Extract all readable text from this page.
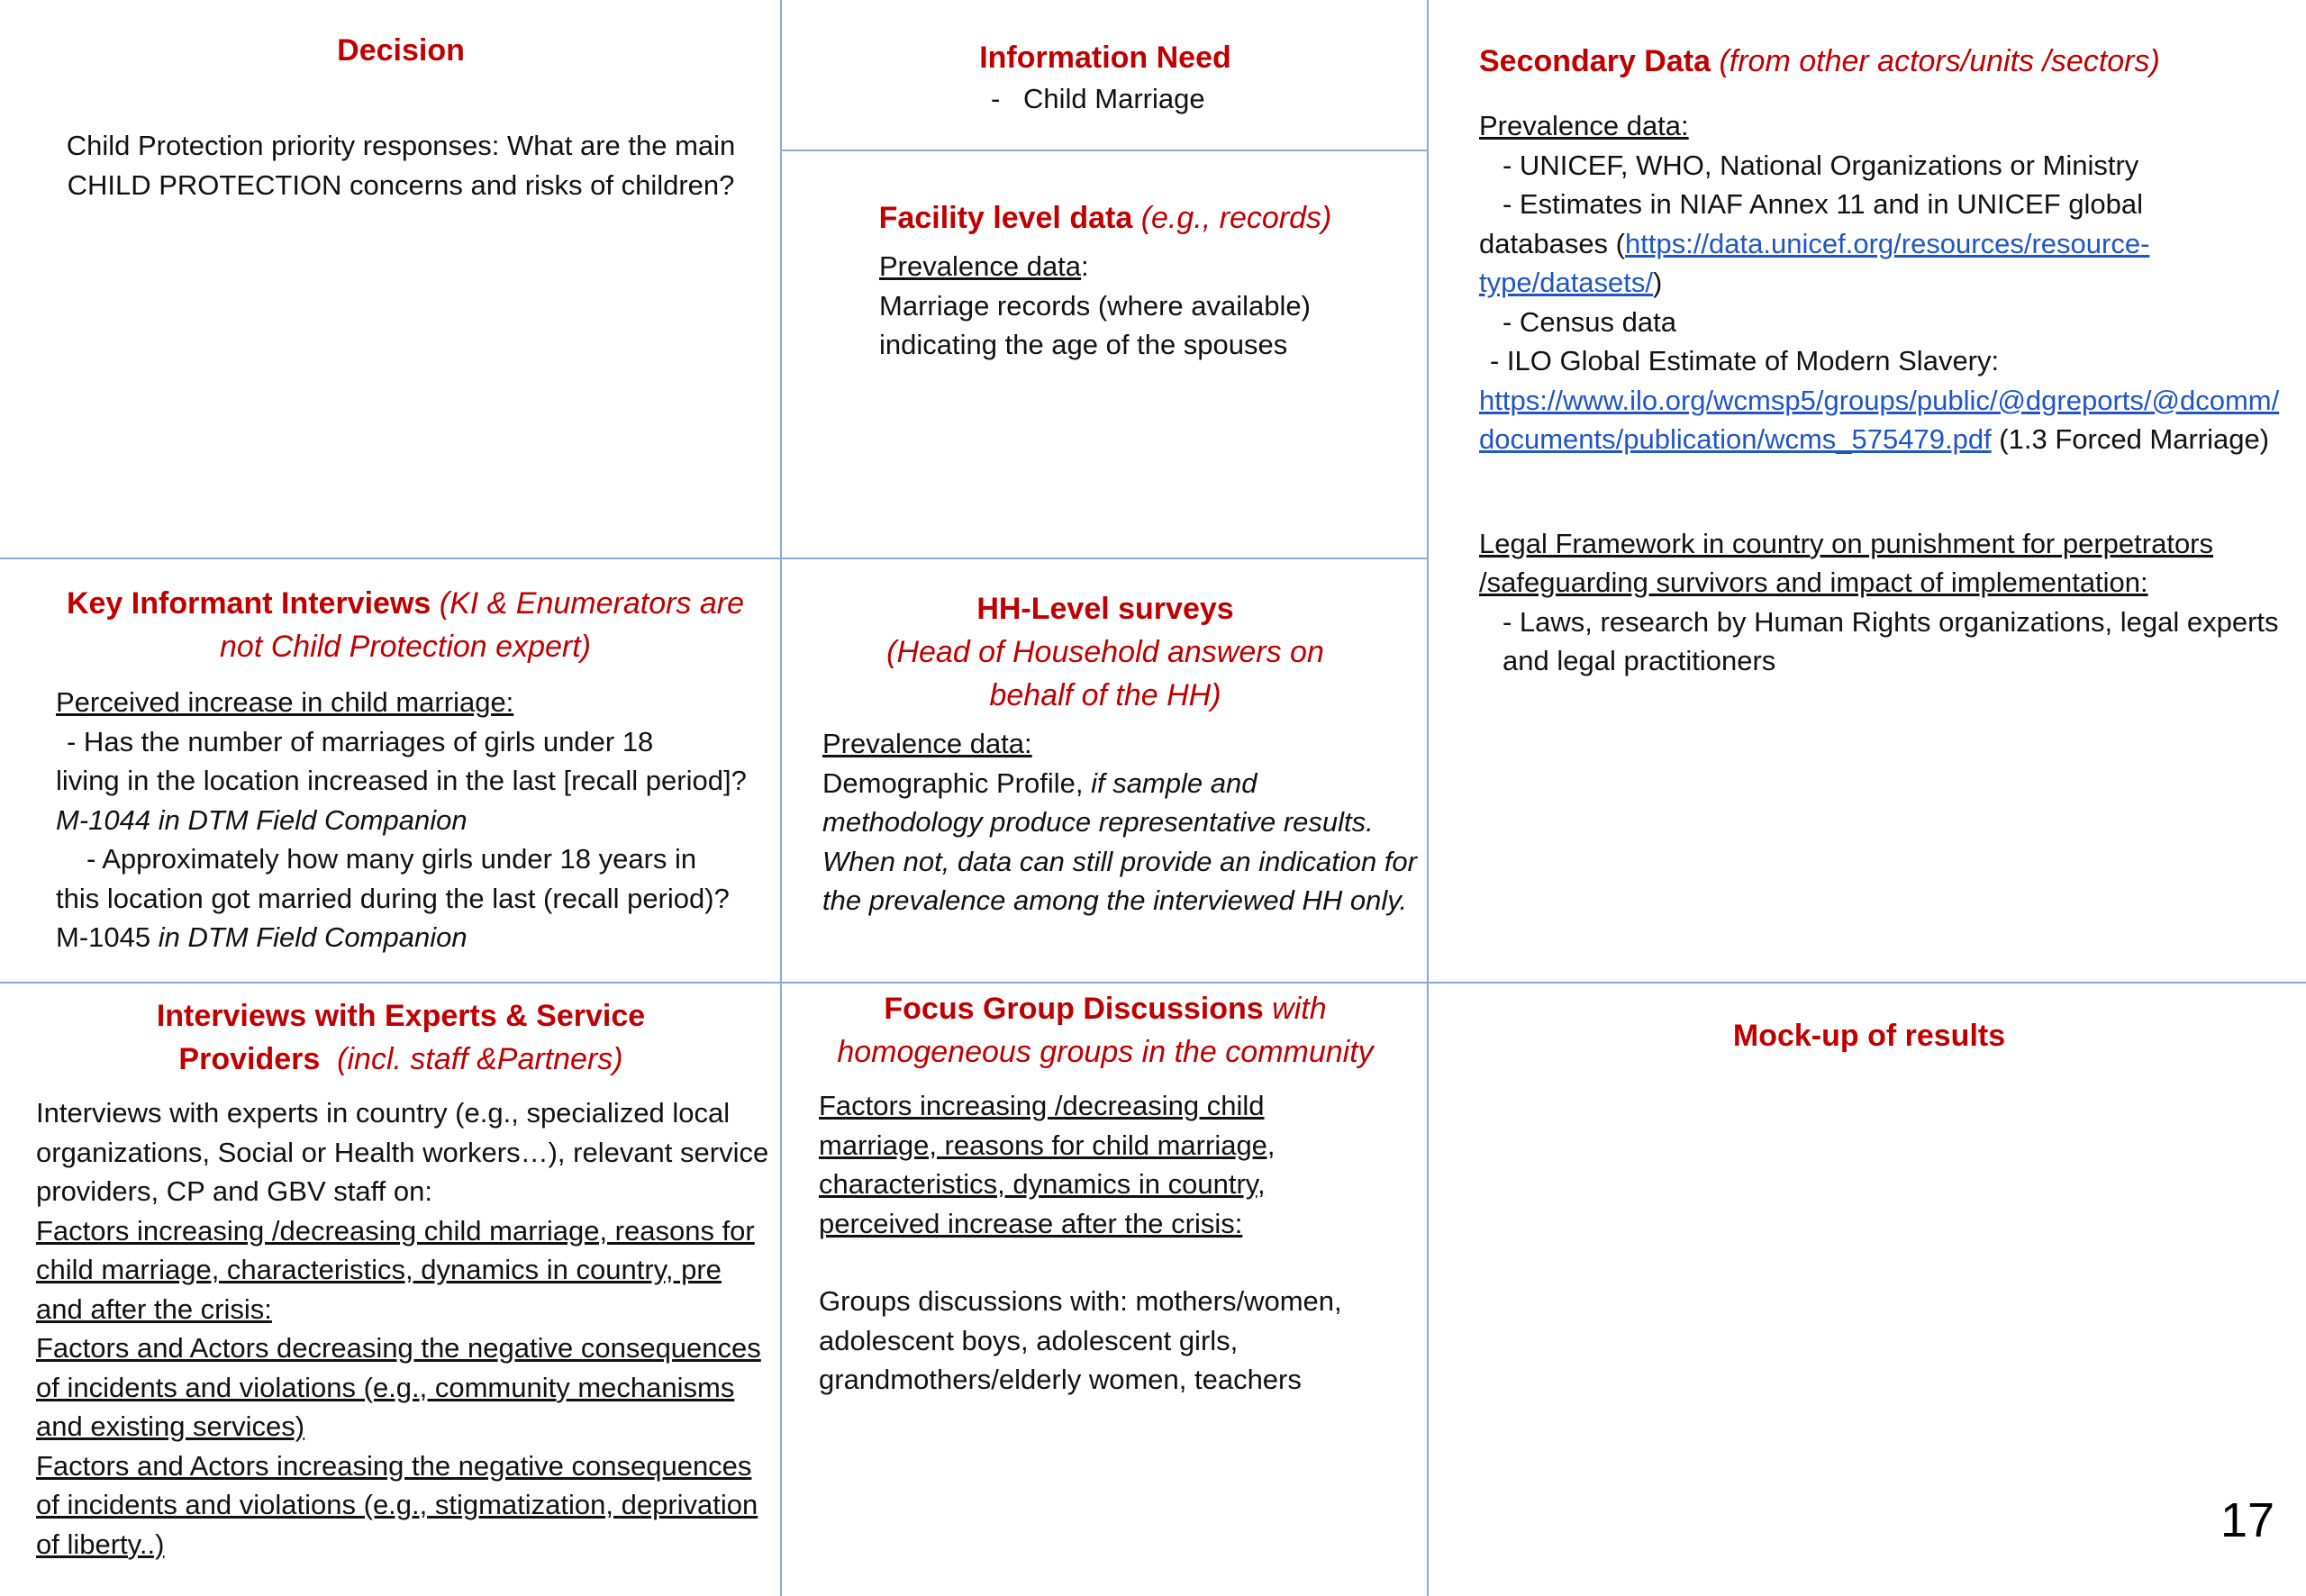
Decision
Child Protection priority responses: What are the main CHILD PROTECTION concerns and risks of children?
Information Need
- Child Marriage
Facility level data (e.g., records)
Prevalence data:
Marriage records (where available)
indicating the age of the spouses
Secondary Data (from other actors/units /sectors)
Prevalence data:
- UNICEF, WHO, National Organizations or Ministry
- Estimates in NIAF Annex 11 and in UNICEF global
databases (https://data.unicef.org/resources/resource-type/datasets/)
- Census data
- ILO Global Estimate of Modern Slavery:
https://www.ilo.org/wcmsp5/groups/public/@dgreports/@dcomm/documents/publication/wcms_575479.pdf (1.3 Forced Marriage)
Legal Framework in country on punishment for perpetrators /safeguarding survivors and impact of implementation:
- Laws, research by Human Rights organizations, legal experts and legal practitioners
Key Informant Interviews (KI & Enumerators are not Child Protection expert)
Perceived increase in child marriage:
- Has the number of marriages of girls under 18
living in the location increased in the last [recall period]?  M-1044 in DTM Field Companion
- Approximately how many girls under 18 years in
this location got married during the last (recall period)? M-1045 in DTM Field Companion
HH-Level surveys
(Head of Household answers on behalf of the HH)
Prevalence data:
Demographic Profile, if sample and methodology produce representative results. When not, data can still provide an indication for the prevalence among the interviewed HH only.
Interviews with Experts & Service Providers (incl. staff &Partners)
Interviews with experts in country (e.g., specialized local organizations, Social or Health workers…), relevant service providers, CP and GBV staff on:
Factors increasing /decreasing child marriage, reasons for child marriage, characteristics, dynamics in country, pre and after the crisis:
Factors and Actors decreasing the negative consequences of incidents and violations (e.g., community mechanisms and existing services)
Factors and Actors increasing the negative consequences of incidents and violations (e.g., stigmatization, deprivation of liberty..)
Focus Group Discussions with homogeneous groups in the community
Factors increasing /decreasing child marriage, reasons for child marriage, characteristics, dynamics in country, perceived increase after the crisis:
Groups discussions with: mothers/women, adolescent boys, adolescent girls, grandmothers/elderly women, teachers
Mock-up of results
17
